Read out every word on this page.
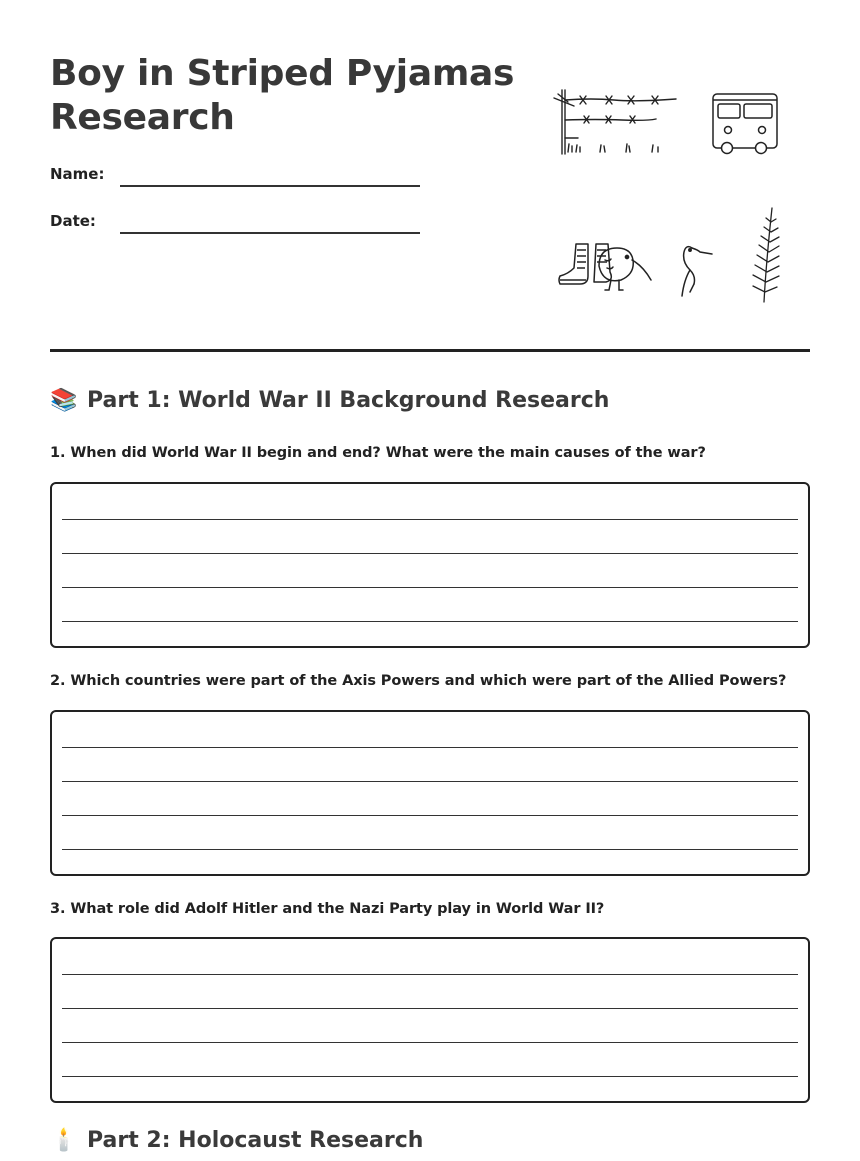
Boy in Striped Pyjamas Research
Name:
Date:
📚 Part 1: World War II Background Research

1. When did World War II begin and end? What were the main causes of the war?

2. Which countries were part of the Axis Powers and which were part of the Allied Powers?

3. What role did Adolf Hitler and the Nazi Party play in World War II?

🕯️ Part 2: Holocaust Research
